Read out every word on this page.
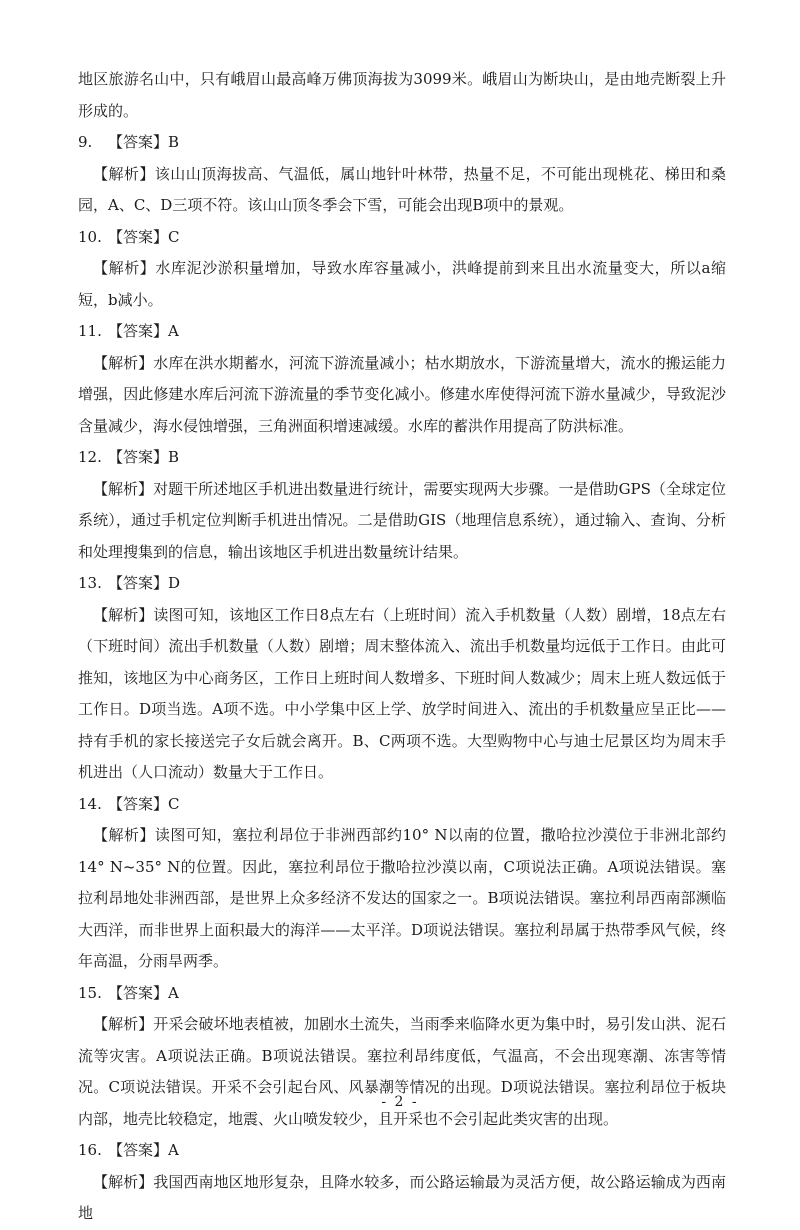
地区旅游名山中，只有峨眉山最高峰万佛顶海拔为3099米。峨眉山为断块山，是由地壳断裂上升形成的。

9. 【答案】B

【解析】该山山顶海拔高、气温低，属山地针叶林带，热量不足，不可能出现桃花、梯田和桑园，A、C、D三项不符。该山山顶冬季会下雪，可能会出现B项中的景观。

10. 【答案】C

【解析】水库泥沙淤积量增加，导致水库容量减小，洪峰提前到来且出水流量变大，所以a缩短，b减小。

11. 【答案】A

【解析】水库在洪水期蓄水，河流下游流量减小；枯水期放水，下游流量增大，流水的搬运能力增强，因此修建水库后河流下游流量的季节变化减小。修建水库使得河流下游水量减少，导致泥沙含量减少，海水侵蚀增强，三角洲面积增速减缓。水库的蓄洪作用提高了防洪标准。

12. 【答案】B

【解析】对题干所述地区手机进出数量进行统计，需要实现两大步骤。一是借助GPS（全球定位系统），通过手机定位判断手机进出情况。二是借助GIS（地理信息系统），通过输入、查询、分析和处理搜集到的信息，输出该地区手机进出数量统计结果。

13. 【答案】D

【解析】读图可知，该地区工作日8点左右（上班时间）流入手机数量（人数）剧增，18点左右（下班时间）流出手机数量（人数）剧增；周末整体流入、流出手机数量均远低于工作日。由此可推知，该地区为中心商务区，工作日上班时间人数增多、下班时间人数减少；周末上班人数远低于工作日。D项当选。A项不选。中小学集中区上学、放学时间进入、流出的手机数量应呈正比——持有手机的家长接送完子女后就会离开。B、C两项不选。大型购物中心与迪士尼景区均为周末手机进出（人口流动）数量大于工作日。

14. 【答案】C

【解析】读图可知，塞拉利昂位于非洲西部约10° N以南的位置，撒哈拉沙漠位于非洲北部约14° N~35° N的位置。因此，塞拉利昂位于撒哈拉沙漠以南，C项说法正确。A项说法错误。塞拉利昂地处非洲西部，是世界上众多经济不发达的国家之一。B项说法错误。塞拉利昂西南部濒临大西洋，而非世界上面积最大的海洋——太平洋。D项说法错误。塞拉利昂属于热带季风气候，终年高温，分雨旱两季。

15. 【答案】A

【解析】开采会破坏地表植被，加剧水土流失，当雨季来临降水更为集中时，易引发山洪、泥石流等灾害。A项说法正确。B项说法错误。塞拉利昂纬度低，气温高，不会出现寒潮、冻害等情况。C项说法错误。开采不会引起台风、风暴潮等情况的出现。D项说法错误。塞拉利昂位于板块内部，地壳比较稳定，地震、火山喷发较少，且开采也不会引起此类灾害的出现。

16. 【答案】A

【解析】我国西南地区地形复杂，且降水较多，而公路运输最为灵活方便，故公路运输成为西南地

- 2 -
